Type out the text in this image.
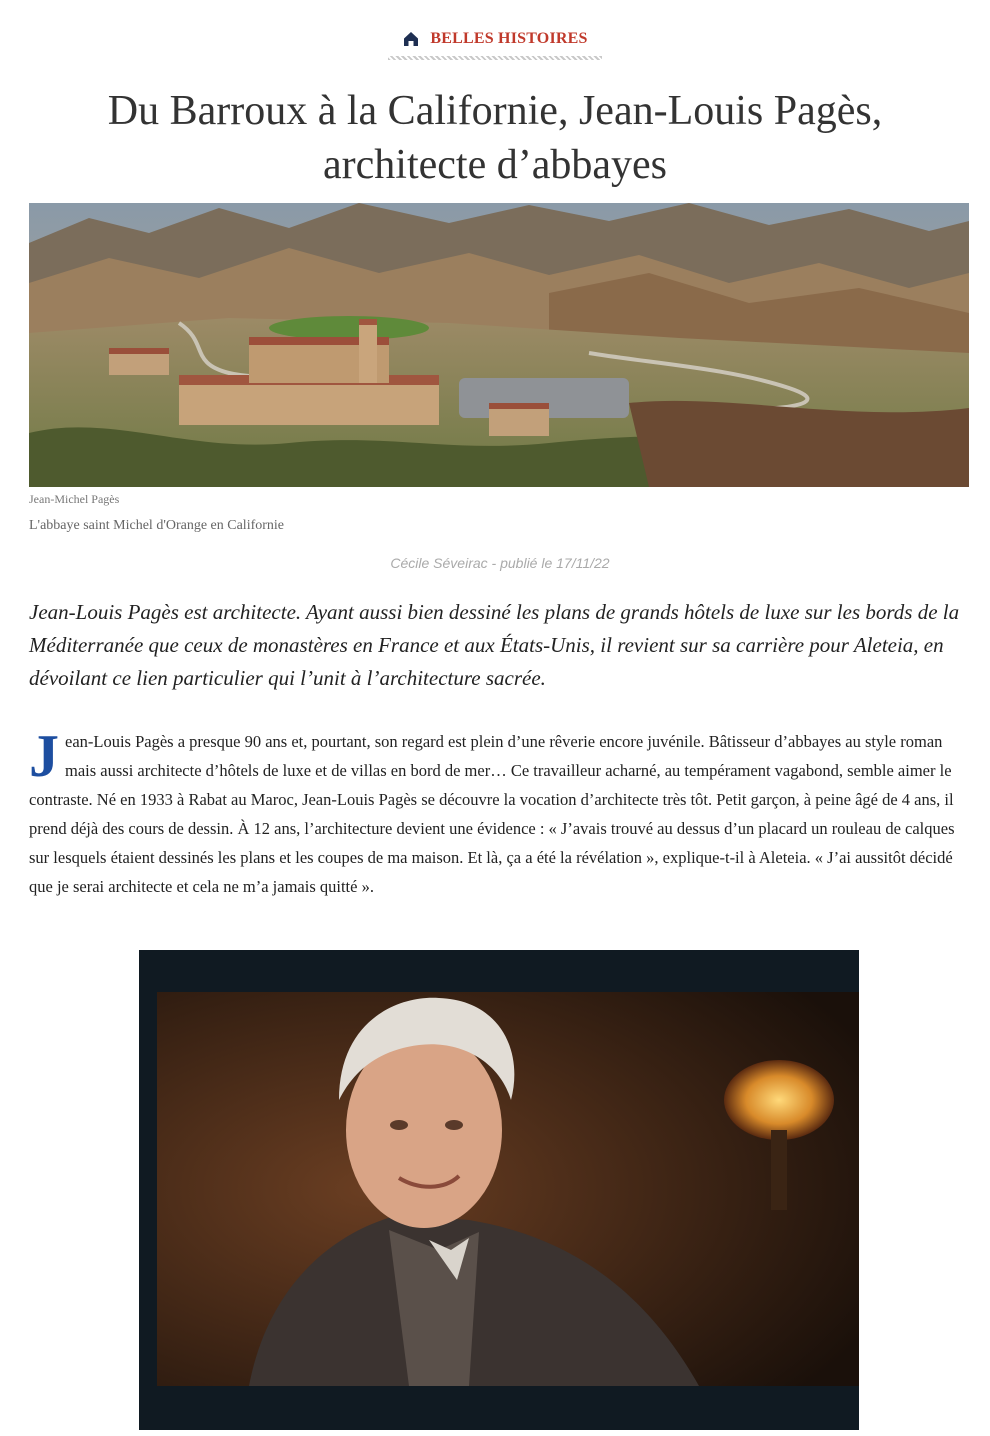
BELLES HISTOIRES
Du Barroux à la Californie, Jean-Louis Pagès, architecte d’abbayes
Jean-Michel Pagès
L'abbaye saint Michel d'Orange en Californie
Cécile Séveirac - publié le 17/11/22

Jean-Louis Pagès est architecte. Ayant aussi bien dessiné les plans de grands hôtels de luxe sur les bords de la Méditerranée que ceux de monastères en France et aux États-Unis, il revient sur sa carrière pour Aleteia, en dévoilant ce lien particulier qui l’unit à l’architecture sacrée.

Jean-Louis Pagès a presque 90 ans et, pourtant, son regard est plein d’une rêverie encore juvénile. Bâtisseur d’abbayes au style roman mais aussi architecte d’hôtels de luxe et de villas en bord de mer… Ce travailleur acharné, au tempérament vagabond, semble aimer le contraste. Né en 1933 à Rabat au Maroc, Jean-Louis Pagès se découvre la vocation d’architecte très tôt. Petit garçon, à peine âgé de 4 ans, il prend déjà des cours de dessin. À 12 ans, l’architecture devient une évidence : « J’avais trouvé au dessus d’un placard un rouleau de calques sur lesquels étaient dessinés les plans et les coupes de ma maison. Et là, ça a été la révélation », explique-t-il à Aleteia. « J’ai aussitôt décidé que je serai architecte et cela ne m’a jamais quitté ».
